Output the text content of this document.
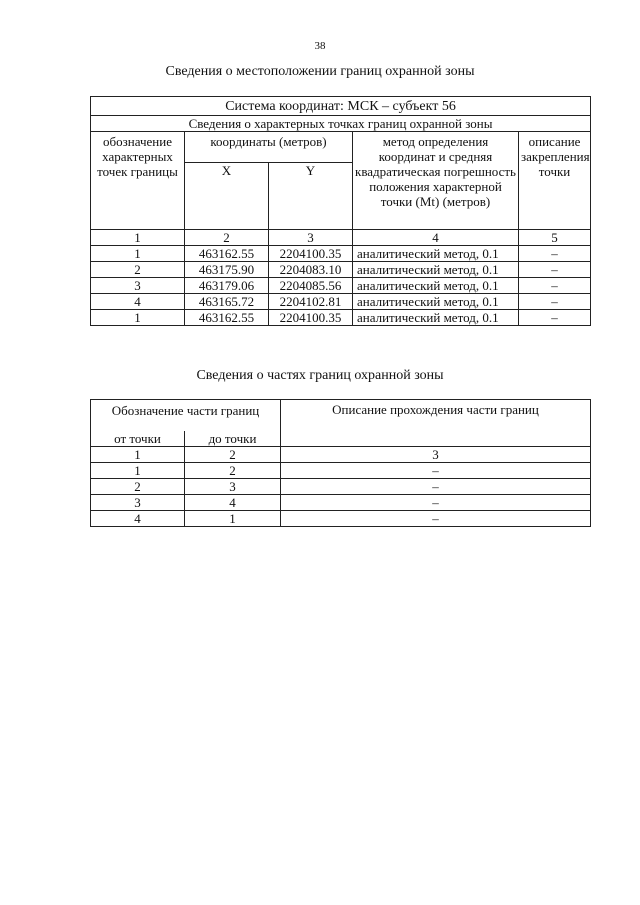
38
Сведения о местоположении границ охранной зоны
Система координат: МСК – субъект 56				
Сведения о характерных точках границ охранной зоны				
обозначение характерных точек границы	координаты (метров)		метод определения координат и средняя квадратическая погрешность положения характерной точки (Mt) (метров)	описание закрепления точки
	X	Y		
1	2	3	4	5
1	463162.55	2204100.35	аналитический метод, 0.1	–
2	463175.90	2204083.10	аналитический метод, 0.1	–
3	463179.06	2204085.56	аналитический метод, 0.1	–
4	463165.72	2204102.81	аналитический метод, 0.1	–
1	463162.55	2204100.35	аналитический метод, 0.1	–
Сведения о частях границ охранной зоны
Обозначение части границ		Описание прохождения части границ
от точки	до точки	
1	2	3
1	2	–
2	3	–
3	4	–
4	1	–
